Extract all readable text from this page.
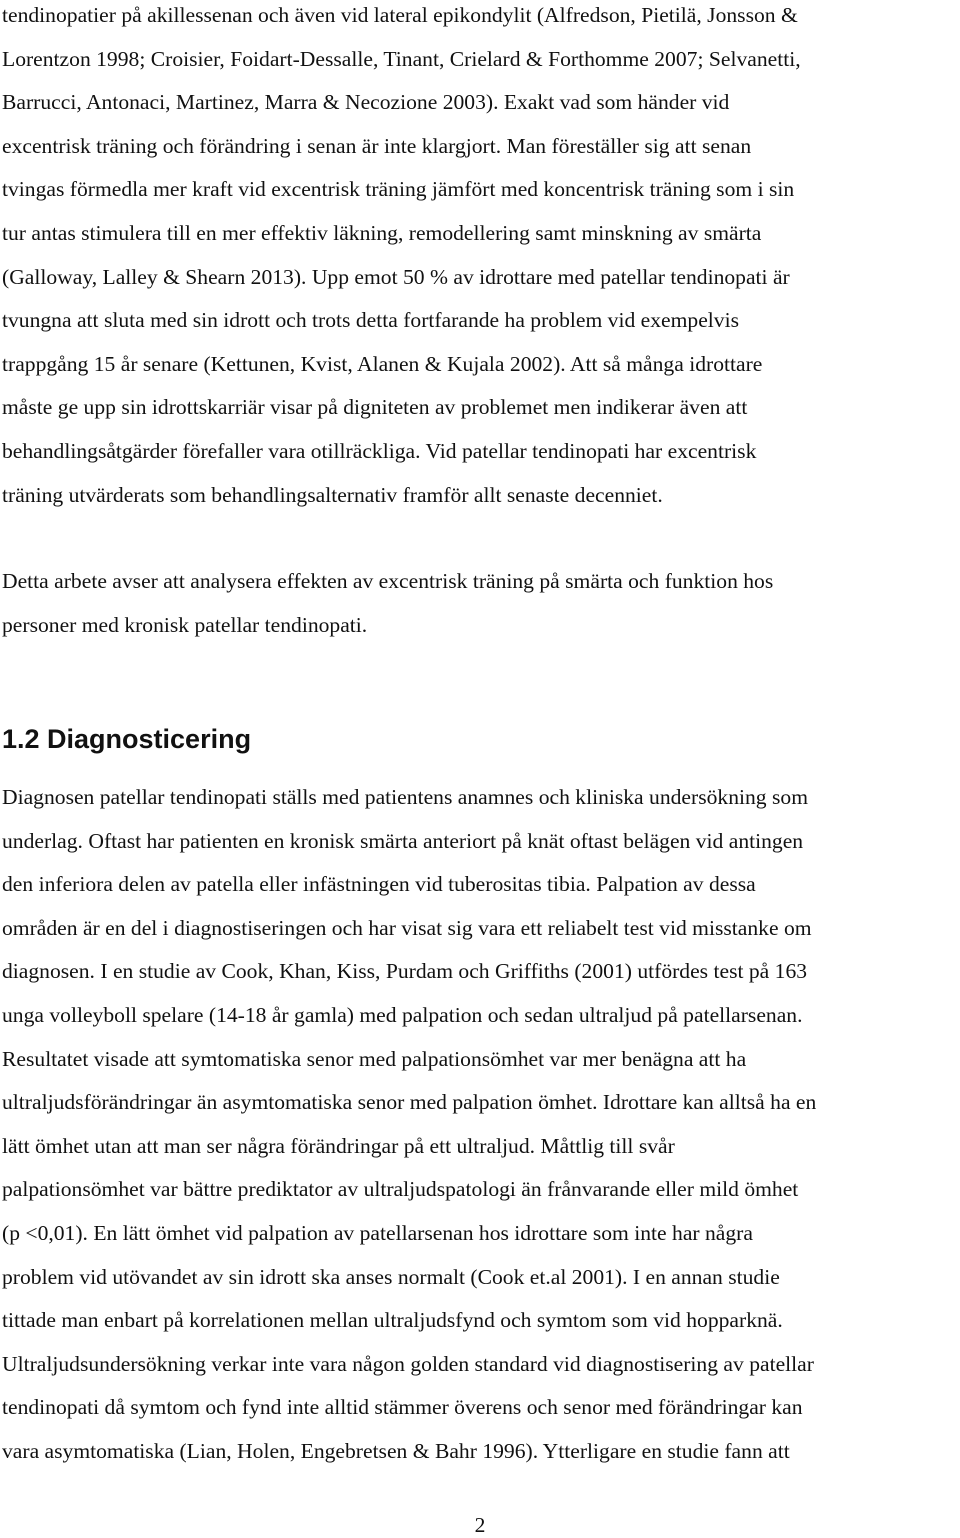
tendinopatier på akillessenan och även vid lateral epikondylit (Alfredson, Pietilä, Jonsson &
Lorentzon 1998; Croisier, Foidart-Dessalle, Tinant, Crielard & Forthomme 2007; Selvanetti,
Barrucci, Antonaci, Martinez, Marra & Necozione 2003). Exakt vad som händer vid
excentrisk träning och förändring i senan är inte klargjort. Man föreställer sig att senan
tvingas förmedla mer kraft vid excentrisk träning jämfört med koncentrisk träning som i sin
tur antas stimulera till en mer effektiv läkning, remodellering samt minskning av smärta
(Galloway, Lalley & Shearn 2013). Upp emot 50 % av idrottare med patellar tendinopati är
tvungna att sluta med sin idrott och trots detta fortfarande ha problem vid exempelvis
trappgång 15 år senare (Kettunen, Kvist, Alanen & Kujala 2002). Att så många idrottare
måste ge upp sin idrottskarriär visar på digniteten av problemet men indikerar även att
behandlingsåtgärder förefaller vara otillräckliga. Vid patellar tendinopati har excentrisk
träning utvärderats som behandlingsalternativ framför allt senaste decenniet.
Detta arbete avser att analysera effekten av excentrisk träning på smärta och funktion hos
personer med kronisk patellar tendinopati.
1.2 Diagnosticering
Diagnosen patellar tendinopati ställs med patientens anamnes och kliniska undersökning som
underlag. Oftast har patienten en kronisk smärta anteriort på knät oftast belägen vid antingen
den inferiora delen av patella eller infästningen vid tuberositas tibia. Palpation av dessa
områden är en del i diagnostiseringen och har visat sig vara ett reliabelt test vid misstanke om
diagnosen. I en studie av Cook, Khan, Kiss, Purdam och Griffiths (2001) utfördes test på 163
unga volleyboll spelare (14-18 år gamla) med palpation och sedan ultraljud på patellarsenan.
Resultatet visade att symtomatiska senor med palpationsömhet var mer benägna att ha
ultraljudsförändringar än asymtomatiska senor med palpation ömhet. Idrottare kan alltså ha en
lätt ömhet utan att man ser några förändringar på ett ultraljud. Måttlig till svår
palpationsömhet var bättre prediktator av ultraljudspatologi än frånvarande eller mild ömhet
(p <0,01). En lätt ömhet vid palpation av patellarsenan hos idrottare som inte har några
problem vid utövandet av sin idrott ska anses normalt (Cook et.al 2001). I en annan studie
tittade man enbart på korrelationen mellan ultraljudsfynd och symtom som vid hopparknä.
Ultraljudsundersökning verkar inte vara någon golden standard vid diagnostisering av patellar
tendinopati då symtom och fynd inte alltid stämmer överens och senor med förändringar kan
vara asymtomatiska (Lian, Holen, Engebretsen & Bahr 1996). Ytterligare en studie fann att
2
